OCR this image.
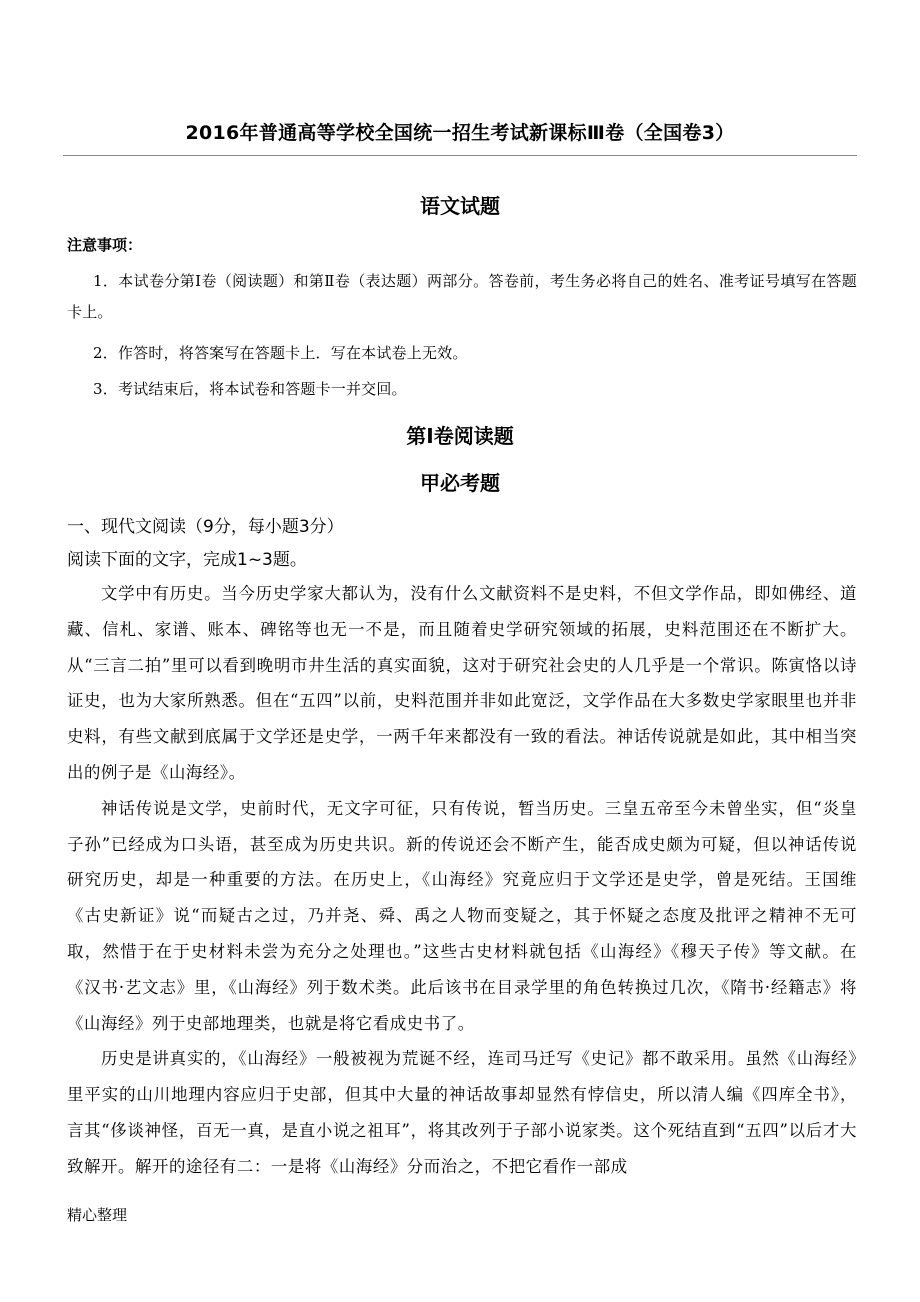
2016年普通高等学校全国统一招生考试新课标Ⅲ卷（全国卷3）
语文试题
注意事项：
1．本试卷分第Ⅰ卷（阅读题）和第Ⅱ卷（表达题）两部分。答卷前，考生务必将自己的姓名、准考证号填写在答题卡上。
2．作答时，将答案写在答题卡上．写在本试卷上无效。
3．考试结束后，将本试卷和答题卡一并交回。
第Ⅰ卷阅读题
甲必考题
一、现代文阅读（9分，每小题3分）
阅读下面的文字，完成1~3题。

文学中有历史。当今历史学家大都认为，没有什么文献资料不是史料，不但文学作品，即如佛经、道藏、信札、家谱、账本、碑铭等也无一不是，而且随着史学研究领域的拓展，史料范围还在不断扩大。从“三言二拍”里可以看到晚明市井生活的真实面貌，这对于研究社会史的人几乎是一个常识。陈寅恪以诗证史，也为大家所熟悉。但在“五四”以前，史料范围并非如此宽泛，文学作品在大多数史学家眼里也并非史料，有些文献到底属于文学还是史学，一两千年来都没有一致的看法。神话传说就是如此，其中相当突出的例子是《山海经》。

神话传说是文学，史前时代，无文字可征，只有传说，暂当历史。三皇五帝至今未曾坐实，但“炎皇子孙”已经成为口头语，甚至成为历史共识。新的传说还会不断产生，能否成史颇为可疑，但以神话传说研究历史，却是一种重要的方法。在历史上，《山海经》究竟应归于文学还是史学，曾是死结。王国维《古史新证》说“而疑古之过，乃并尧、舜、禹之人物而变疑之，其于怀疑之态度及批评之精神不无可取，然惜于在于史材料未尝为充分之处理也。”这些古史材料就包括《山海经》《穆天子传》等文献。在《汉书·艺文志》里，《山海经》列于数术类。此后该书在目录学里的角色转换过几次，《隋书·经籍志》将《山海经》列于史部地理类，也就是将它看成史书了。

历史是讲真实的，《山海经》一般被视为荒诞不经，连司马迁写《史记》都不敢采用。虽然《山海经》里平实的山川地理内容应归于史部，但其中大量的神话故事却显然有悖信史，所以清人编《四库全书》，言其“侈谈神怪，百无一真，是直小说之祖耳”，将其改列于子部小说家类。这个死结直到“五四”以后才大致解开。解开的途径有二：一是将《山海经》分而治之，不把它看作一部成

精心整理
